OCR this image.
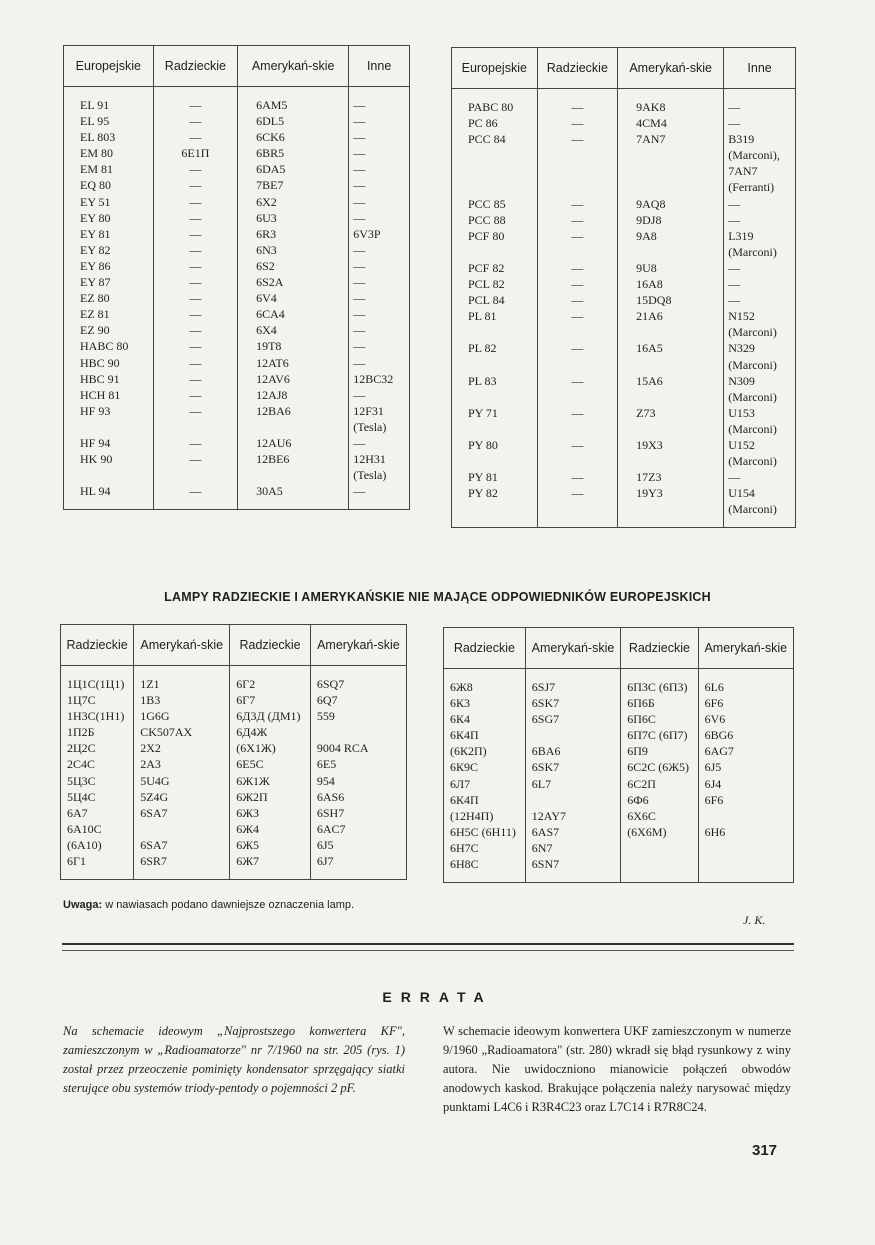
Europejskie	Radzieckie	Amerykań-skie	Inne

EL 91	—	6AM5	—
EL 95	—	6DL5	—
EL 803	—	6CK6	—
EM 80	6E1П	6BR5	—
EM 81	—	6DA5	—
EQ 80	—	7BE7	—
EY 51	—	6X2	—
EY 80	—	6U3	—
EY 81	—	6R3	6V3P
EY 82	—	6N3	—
EY 86	—	6S2	—
EY 87	—	6S2A	—
EZ 80	—	6V4	—
EZ 81	—	6CA4	—
EZ 90	—	6X4	—
HABC 80	—	19T8	—
HBC 90	—	12AT6	—
HBC 91	—	12AV6	12BC32
HCH 81	—	12AJ8	—
HF 93	—	12BA6	12F31
			(Tesla)
HF 94	—	12AU6	—
HK 90	—	12BE6	12H31
			(Tesla)
HL 94	—	30A5	—

Europejskie	Radzieckie	Amerykań-skie	Inne

PABC 80	—	9AK8	—
PC 86	—	4CM4	—
PCC 84	—	7AN7	B319
			(Marconi),
			7AN7
			(Ferranti)
PCC 85	—	9AQ8	—
PCC 88	—	9DJ8	—
PCF 80	—	9A8	L319
			(Marconi)
PCF 82	—	9U8	—
PCL 82	—	16A8	—
PCL 84	—	15DQ8	—
PL 81	—	21A6	N152
			(Marconi)
PL 82	—	16A5	N329
			(Marconi)
PL 83	—	15A6	N309
			(Marconi)
PY 71	—	Z73	U153
			(Marconi)
PY 80	—	19X3	U152
			(Marconi)
PY 81	—	17Z3	—
PY 82	—	19Y3	U154
			(Marconi)

LAMPY RADZIECKIE I AMERYKAŃSKIE NIE MAJĄCE ODPOWIEDNIKÓW EUROPEJSKICH
Radzieckie	Amerykań-skie	Radzieckie	Amerykań-skie

1Ц1С(1Ц1)	1Z1	6Г2	6SQ7
1Ц7С	1B3	6Г7	6Q7
1Н3С(1Н1)	1G6G	6Д3Д (ДМ1)	559
1П2Б	CK507AX	6Д4Ж	
2Ц2С	2X2	(6Х1Ж)	9004 RCA
2С4С	2A3	6Е5С	6E5
5Ц3С	5U4G	6Ж1Ж	954
5Ц4С	5Z4G	6Ж2П	6AS6
6А7	6SA7	6Ж3	6SH7
6А10С		6Ж4	6AC7
(6А10)	6SA7	6Ж5	6J5
6Г1	6SR7	6Ж7	6J7

Radzieckie	Amerykań-skie	Radzieckie	Amerykań-skie

6Ж8	6SJ7	6П3С (6П3)	6L6
6К3	6SK7	6П6Б	6F6
6К4	6SG7	6П6С	6V6
6К4П		6П7С (6П7)	6BG6
(6К2П)	6BA6	6П9	6AG7
6К9С	6SK7	6С2С (6Ж5)	6J5
6Л7	6L7	6С2П	6J4
6К4П		6Ф6	6F6
(12Н4П)	12AY7	6Х6С	
6Н5С (6Н11)	6AS7	(6Х6М)	6H6
6Н7С	6N7		
6Н8С	6SN7		

Uwaga: w nawiasach podano dawniejsze oznaczenia lamp.
J. K.
ERRATA
Na schemacie ideowym „Najprostszego konwertera KF", zamieszczonym w „Radioamatorze" nr 7/1960 na str. 205 (rys. 1) został przez przeoczenie pominięty kondensator sprzęgający siatki sterujące obu systemów triody-pentody o pojemności 2 pF.
W schemacie ideowym konwertera UKF zamieszczonym w numerze 9/1960 „Radioamatora" (str. 280) wkradł się błąd rysunkowy z winy autora. Nie uwidoczniono mianowicie połączeń obwodów anodowych kaskod. Brakujące połączenia należy narysować między punktami L4C6 i R3R4C23 oraz L7C14 i R7R8C24.
317
